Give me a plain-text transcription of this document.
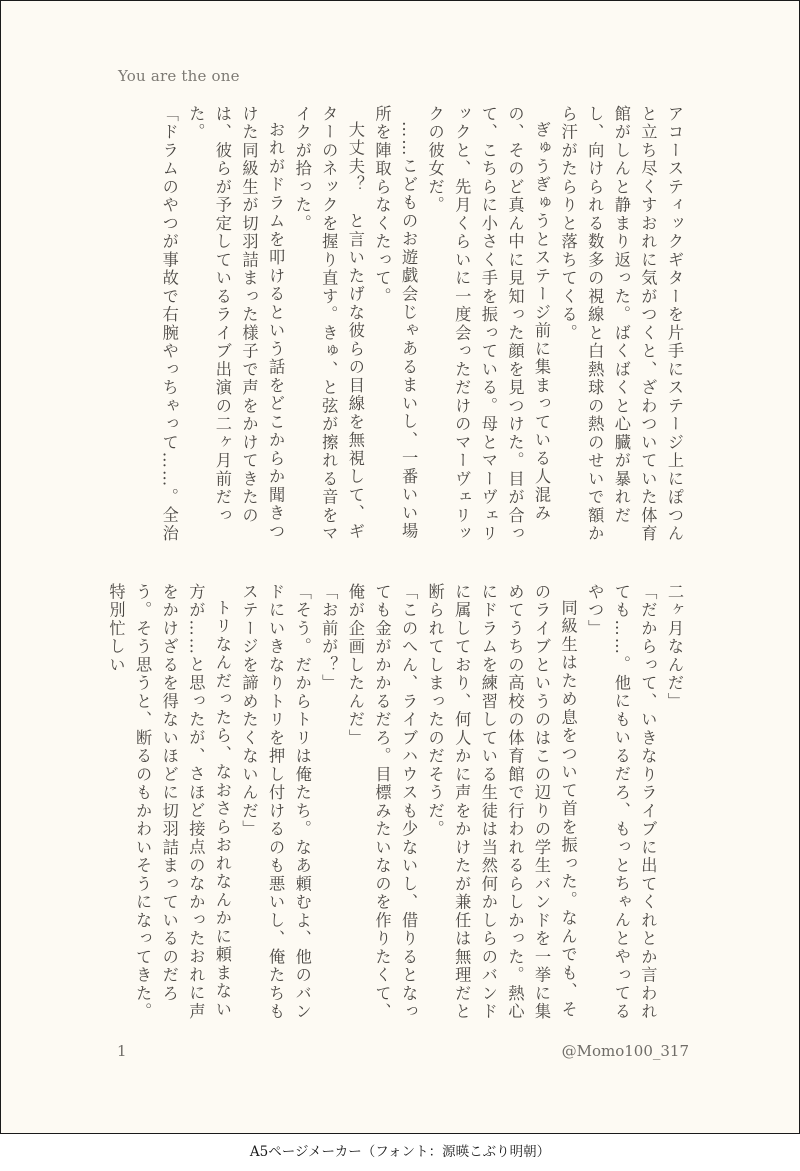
You are the one

アコースティックギターを片手にステージ上にぽつんと立ち尽くすおれに気がつくと、ざわついていた体育館がしんと静まり返った。ばくばくと心臓が暴れだし、向けられる数多の視線と白熱球の熱のせいで額から汗がたらりと落ちてくる。

ぎゅうぎゅうとステージ前に集まっている人混みの、そのど真ん中に見知った顔を見つけた。目が合って、こちらに小さく手を振っている。母とマーヴェリックと、先月くらいに一度会っただけのマーヴェリックの彼女だ。

……こどものお遊戯会じゃあるまいし、一番いい場所を陣取らなくたって。

大丈夫？　と言いたげな彼らの目線を無視して、ギターのネックを握り直す。きゅ、と弦が擦れる音をマイクが拾った。

おれがドラムを叩けるという話をどこからか聞きつけた同級生が切羽詰まった様子で声をかけてきたのは、彼らが予定しているライブ出演の二ヶ月前だった。

「ドラムのやつが事故で右腕やっちゃって……。全治

二ヶ月なんだ」

「だからって、いきなりライブに出てくれとか言われても……。他にもいるだろ、もっとちゃんとやってるやつ」

同級生はため息をついて首を振った。なんでも、そのライブというのはこの辺りの学生バンドを一挙に集めてうちの高校の体育館で行われるらしかった。熱心にドラムを練習している生徒は当然何かしらのバンドに属しており、何人かに声をかけたが兼任は無理だと断られてしまったのだそうだ。

「このへん、ライブハウスも少ないし、借りるとなっても金がかかるだろ。目標みたいなのを作りたくて、俺が企画したんだ」

「お前が？」

「そう。だからトリは俺たち。なあ頼むよ、他のバンドにいきなりトリを押し付けるのも悪いし、俺たちもステージを諦めたくないんだ」

トリなんだったら、なおさらおれなんかに頼まない方が……と思ったが、さほど接点のなかったおれに声をかけざるを得ないほどに切羽詰まっているのだろう。そう思うと、断るのもかわいそうになってきた。特別忙しい

1	@Momo100_317
A5ページメーカー（フォント：源暎こぶり明朝）
